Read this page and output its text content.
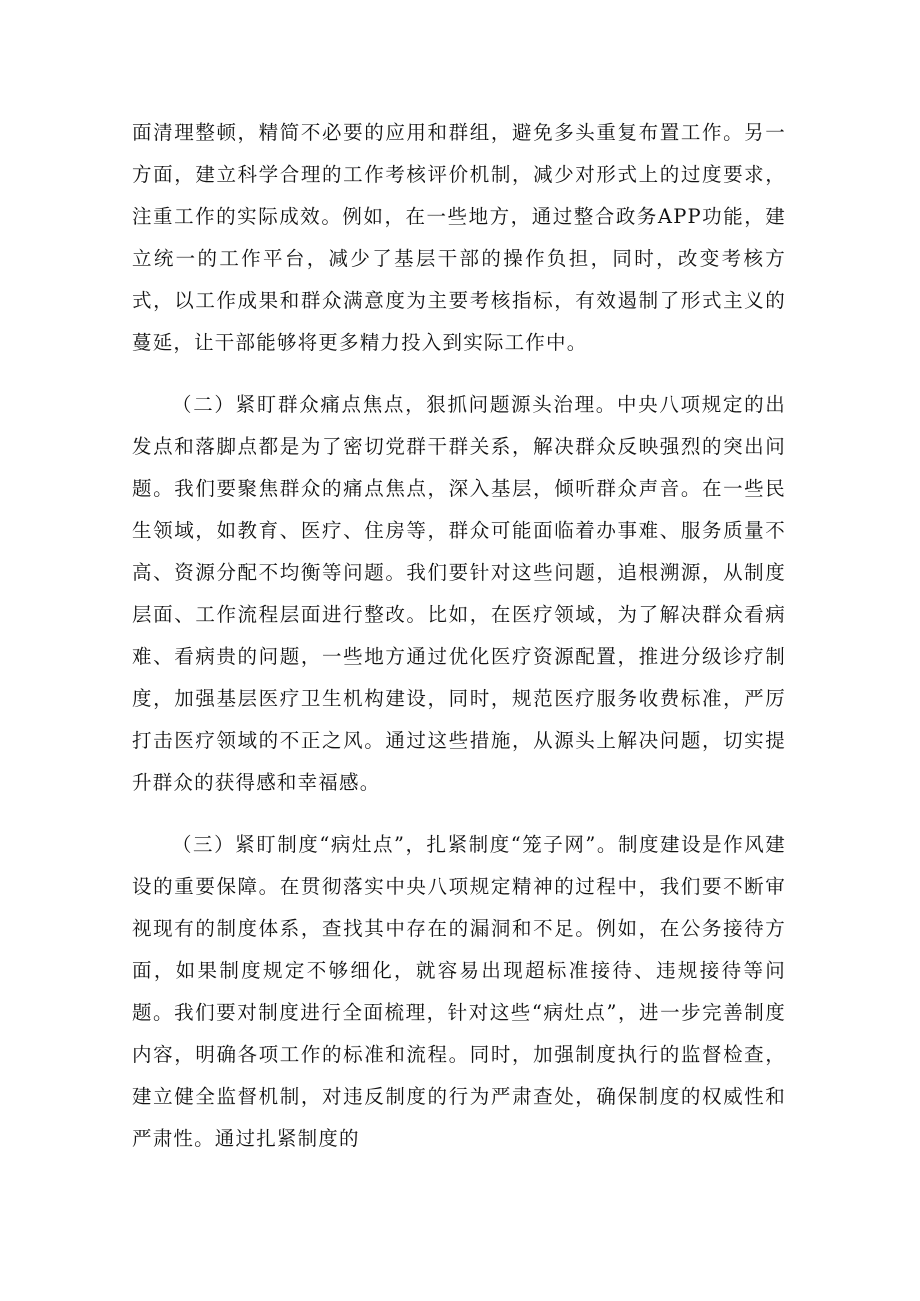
面清理整顿，精简不必要的应用和群组，避免多头重复布置工作。另一方面，建立科学合理的工作考核评价机制，减少对形式上的过度要求，注重工作的实际成效。例如，在一些地方，通过整合政务APP功能，建立统一的工作平台，减少了基层干部的操作负担，同时，改变考核方式，以工作成果和群众满意度为主要考核指标，有效遏制了形式主义的蔓延，让干部能够将更多精力投入到实际工作中。

（二）紧盯群众痛点焦点，狠抓问题源头治理。中央八项规定的出发点和落脚点都是为了密切党群干群关系，解决群众反映强烈的突出问题。我们要聚焦群众的痛点焦点，深入基层，倾听群众声音。在一些民生领域，如教育、医疗、住房等，群众可能面临着办事难、服务质量不高、资源分配不均衡等问题。我们要针对这些问题，追根溯源，从制度层面、工作流程层面进行整改。比如，在医疗领域，为了解决群众看病难、看病贵的问题，一些地方通过优化医疗资源配置，推进分级诊疗制度，加强基层医疗卫生机构建设，同时，规范医疗服务收费标准，严厉打击医疗领域的不正之风。通过这些措施，从源头上解决问题，切实提升群众的获得感和幸福感。

（三）紧盯制度“病灶点”，扎紧制度“笼子网”。制度建设是作风建设的重要保障。在贯彻落实中央八项规定精神的过程中，我们要不断审视现有的制度体系，查找其中存在的漏洞和不足。例如，在公务接待方面，如果制度规定不够细化，就容易出现超标准接待、违规接待等问题。我们要对制度进行全面梳理，针对这些“病灶点”，进一步完善制度内容，明确各项工作的标准和流程。同时，加强制度执行的监督检查，建立健全监督机制，对违反制度的行为严肃查处，确保制度的权威性和严肃性。通过扎紧制度的
